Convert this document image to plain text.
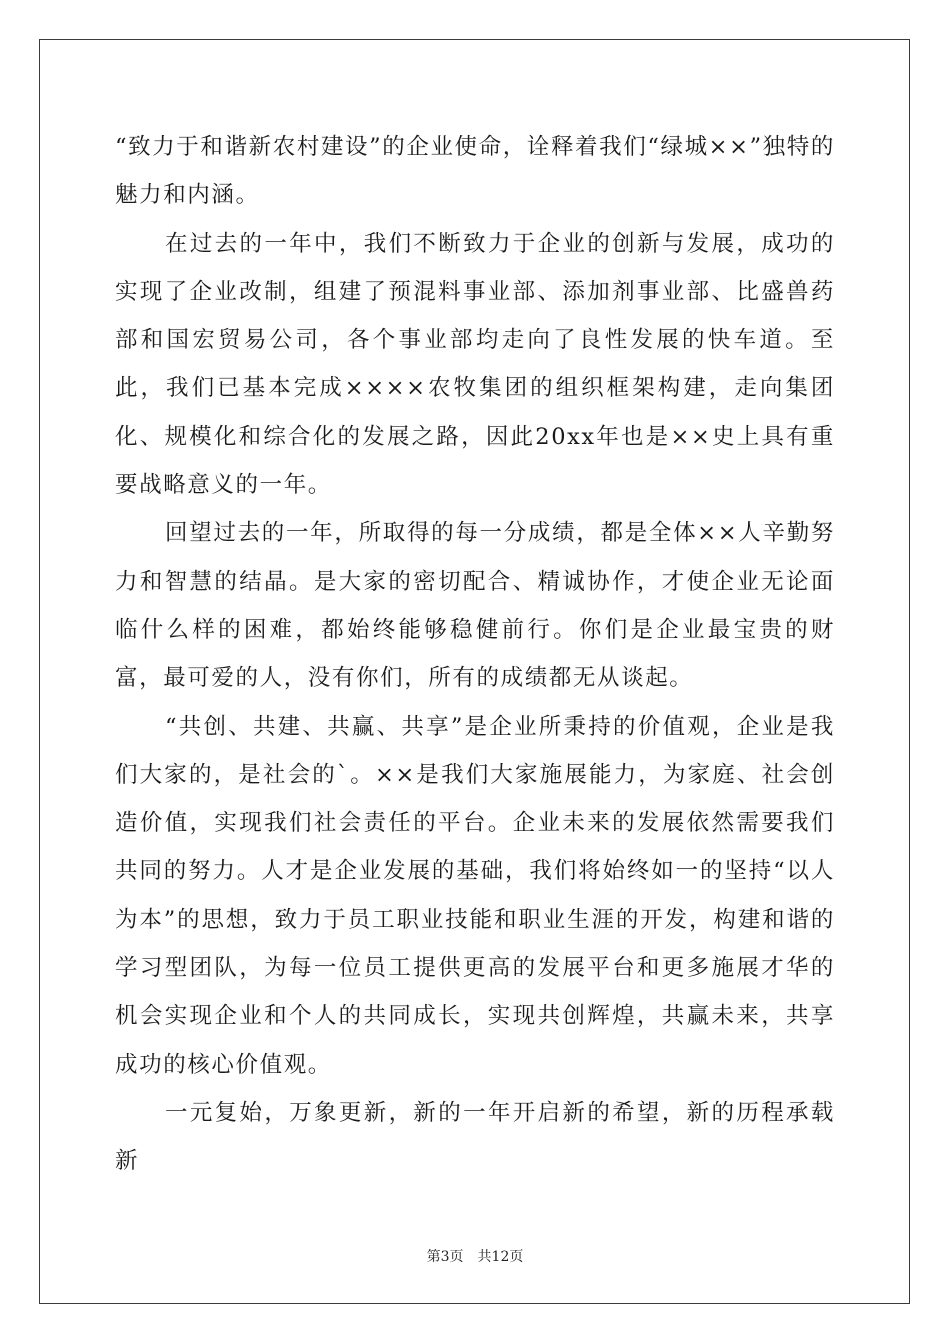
“致力于和谐新农村建设”的企业使命，诠释着我们“绿城××”独特的魅力和内涵。

在过去的一年中，我们不断致力于企业的创新与发展，成功的实现了企业改制，组建了预混料事业部、添加剂事业部、比盛兽药部和国宏贸易公司，各个事业部均走向了良性发展的快车道。至此，我们已基本完成××××农牧集团的组织框架构建，走向集团化、规模化和综合化的发展之路，因此20xx年也是××史上具有重要战略意义的一年。

回望过去的一年，所取得的每一分成绩，都是全体××人辛勤努力和智慧的结晶。是大家的密切配合、精诚协作，才使企业无论面临什么样的困难，都始终能够稳健前行。你们是企业最宝贵的财富，最可爱的人，没有你们，所有的成绩都无从谈起。

“共创、共建、共赢、共享”是企业所秉持的价值观，企业是我们大家的，是社会的`。××是我们大家施展能力，为家庭、社会创造价值，实现我们社会责任的平台。企业未来的发展依然需要我们共同的努力。人才是企业发展的基础，我们将始终如一的坚持“以人为本”的思想，致力于员工职业技能和职业生涯的开发，构建和谐的学习型团队，为每一位员工提供更高的发展平台和更多施展才华的机会实现企业和个人的共同成长，实现共创辉煌，共赢未来，共享成功的核心价值观。

一元复始，万象更新，新的一年开启新的希望，新的历程承载新

第3页 共12页
